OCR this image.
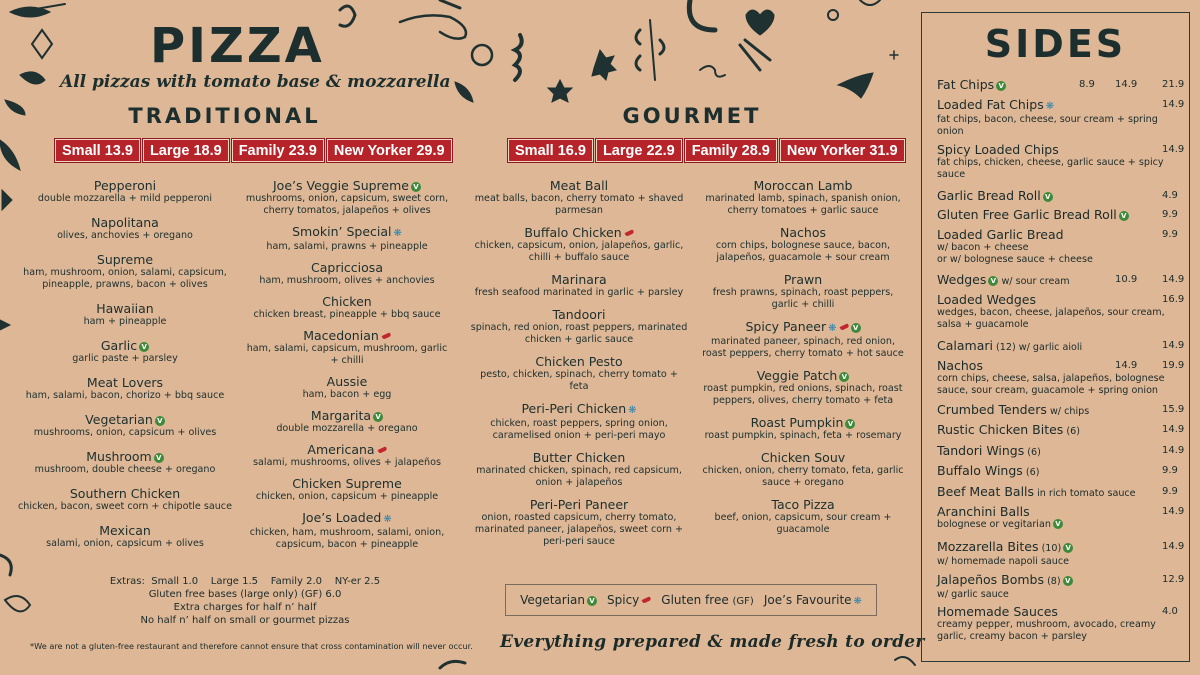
PIZZA
All pizzas with tomato base & mozzarella
TRADITIONAL
Small 13.9	Large 18.9	Family 23.9	New Yorker 29.9
Pepperoni
double mozzarella + mild pepperoni
Napolitana
olives, anchovies + oregano
Supreme
ham, mushroom, onion, salami, capsicum, pineapple, prawns, bacon + olives
Hawaiian
ham + pineapple
Garlic V
garlic paste + parsley
Meat Lovers
ham, salami, bacon, chorizo + bbq sauce
Vegetarian V
mushrooms, onion, capsicum + olives
Mushroom V
mushroom, double cheese + oregano
Southern Chicken
chicken, bacon, sweet corn + chipotle sauce
Mexican
salami, onion, capsicum + olives
Joe’s Veggie Supreme V
mushrooms, onion, capsicum, sweet corn, cherry tomatos, jalapeños + olives
Smokin’ Special ❋
ham, salami, prawns + pineapple
Capricciosa
ham, mushroom, olives + anchovies
Chicken
chicken breast, pineapple + bbq sauce
Macedonian
ham, salami, capsicum, mushroom, garlic + chilli
Aussie
ham, bacon + egg
Margarita V
double mozzarella + oregano
Americana
salami, mushrooms, olives + jalapeños
Chicken Supreme
chicken, onion, capsicum + pineapple
Joe’s Loaded ❋
chicken, ham, mushroom, salami, onion, capsicum, bacon + pineapple
GOURMET
Small 16.9	Large 22.9	Family 28.9	New Yorker 31.9
Meat Ball
meat balls, bacon, cherry tomato + shaved parmesan
Buffalo Chicken
chicken, capsicum, onion, jalapeños, garlic, chilli + buffalo sauce
Marinara
fresh seafood marinated in garlic + parsley
Tandoori
spinach, red onion, roast peppers, marinated chicken + garlic sauce
Chicken Pesto
pesto, chicken, spinach, cherry tomato + feta
Peri-Peri Chicken ❋
chicken, roast peppers, spring onion, caramelised onion + peri-peri mayo
Butter Chicken
marinated chicken, spinach, red capsicum, onion + jalapeños
Peri-Peri Paneer
onion, roasted capsicum, cherry tomato, marinated paneer, jalapeños, sweet corn + peri-peri sauce
Moroccan Lamb
marinated lamb, spinach, spanish onion, cherry tomatoes + garlic sauce
Nachos
corn chips, bolognese sauce, bacon, jalapeños, guacamole + sour cream
Prawn
fresh prawns, spinach, roast peppers, garlic + chilli
Spicy Paneer ❋ V
marinated paneer, spinach, red onion, roast peppers, cherry tomato + hot sauce
Veggie Patch V
roast pumpkin, red onions, spinach, roast peppers, olives, cherry tomato + feta
Roast Pumpkin V
roast pumpkin, spinach, feta + rosemary
Chicken Souv
chicken, onion, cherry tomato, feta, garlic sauce + oregano
Taco Pizza
beef, onion, capsicum, sour cream + guacamole
Extras:  Small 1.0    Large 1.5    Family 2.0    NY-er 2.5
Gluten free bases (large only) (GF) 6.0
Extra charges for half n’ half
No half n’ half on small or gourmet pizzas
*We are not a gluten-free restaurant and therefore cannot ensure that cross contamination will never occur.
Vegetarian V Spicy	Gluten free (GF) Joe’s Favourite ❋
Everything prepared & made fresh to order
SIDES
Fat Chips V	8.9 14.9 21.9
Loaded Fat Chips ❋
fat chips, bacon, cheese, sour cream + spring onion
14.9
Spicy Loaded Chips
fat chips, chicken, cheese, garlic sauce + spicy sauce
14.9
Garlic Bread Roll V	4.9
Gluten Free Garlic Bread Roll V	9.9
Loaded Garlic Bread
w/ bacon + cheese
or w/ bolognese sauce + cheese
9.9
Wedges V w/ sour cream	10.9 14.9
Loaded Wedges
wedges, bacon, cheese, jalapeños, sour cream, salsa + guacamole
16.9
Calamari (12) w/ garlic aioli	14.9
Nachos
corn chips, cheese, salsa, jalapeños, bolognese sauce, sour cream, guacamole + spring onion
14.9 19.9
Crumbed Tenders w/ chips	15.9
Rustic Chicken Bites (6)	14.9
Tandori Wings (6)	14.9
Buffalo Wings (6)	9.9
Beef Meat Balls in rich tomato sauce	9.9
Aranchini Balls
bolognese or vegitarian V
14.9
Mozzarella Bites (10) V
w/ homemade napoli sauce
14.9
Jalapeños Bombs (8) V
w/ garlic sauce
12.9
Homemade Sauces
creamy pepper, mushroom, avocado, creamy garlic, creamy bacon + parsley
4.0
